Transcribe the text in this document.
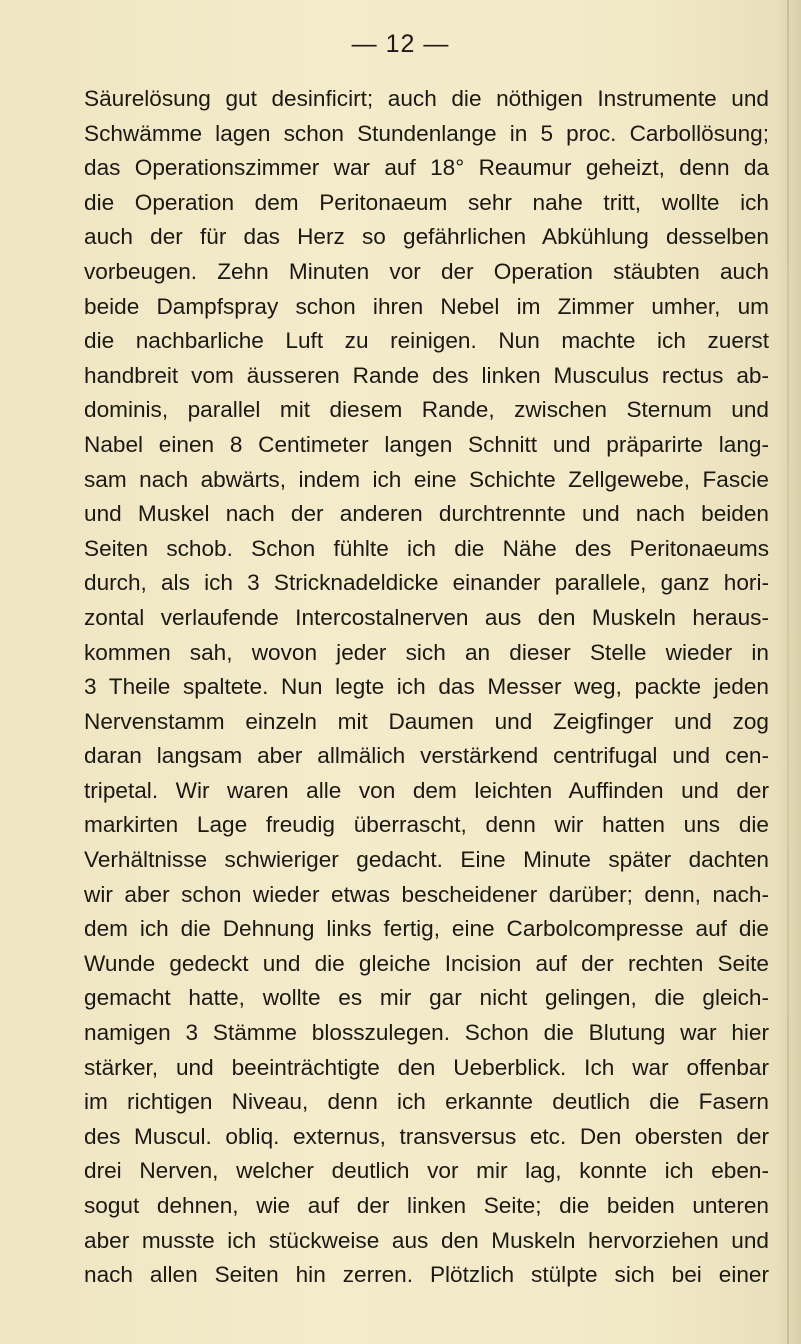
— 12 —
Säurelösung gut desinficirt; auch die nöthigen Instrumente und
Schwämme lagen schon Stundenlange in 5 proc. Carbollösung;
das Operationszimmer war auf 18° Reaumur geheizt, denn da
die Operation dem Peritonaeum sehr nahe tritt, wollte ich
auch der für das Herz so gefährlichen Abkühlung desselben
vorbeugen. Zehn Minuten vor der Operation stäubten auch
beide Dampfspray schon ihren Nebel im Zimmer umher, um
die nachbarliche Luft zu reinigen. Nun machte ich zuerst
handbreit vom äusseren Rande des linken Musculus rectus ab-
dominis, parallel mit diesem Rande, zwischen Sternum und
Nabel einen 8 Centimeter langen Schnitt und präparirte lang-
sam nach abwärts, indem ich eine Schichte Zellgewebe, Fascie
und Muskel nach der anderen durchtrennte und nach beiden
Seiten schob. Schon fühlte ich die Nähe des Peritonaeums
durch, als ich 3 Stricknadeldicke einander parallele, ganz hori-
zontal verlaufende Intercostalnerven aus den Muskeln heraus-
kommen sah, wovon jeder sich an dieser Stelle wieder in
3 Theile spaltete. Nun legte ich das Messer weg, packte jeden
Nervenstamm einzeln mit Daumen und Zeigfinger und zog
daran langsam aber allmälich verstärkend centrifugal und cen-
tripetal. Wir waren alle von dem leichten Auffinden und der
markirten Lage freudig überrascht, denn wir hatten uns die
Verhältnisse schwieriger gedacht. Eine Minute später dachten
wir aber schon wieder etwas bescheidener darüber; denn, nach-
dem ich die Dehnung links fertig, eine Carbolcompresse auf die
Wunde gedeckt und die gleiche Incision auf der rechten Seite
gemacht hatte, wollte es mir gar nicht gelingen, die gleich-
namigen 3 Stämme blosszulegen. Schon die Blutung war hier
stärker, und beeinträchtigte den Ueberblick. Ich war offenbar
im richtigen Niveau, denn ich erkannte deutlich die Fasern
des Muscul. obliq. externus, transversus etc. Den obersten der
drei Nerven, welcher deutlich vor mir lag, konnte ich eben-
sogut dehnen, wie auf der linken Seite; die beiden unteren
aber musste ich stückweise aus den Muskeln hervorziehen und
nach allen Seiten hin zerren. Plötzlich stülpte sich bei einer
